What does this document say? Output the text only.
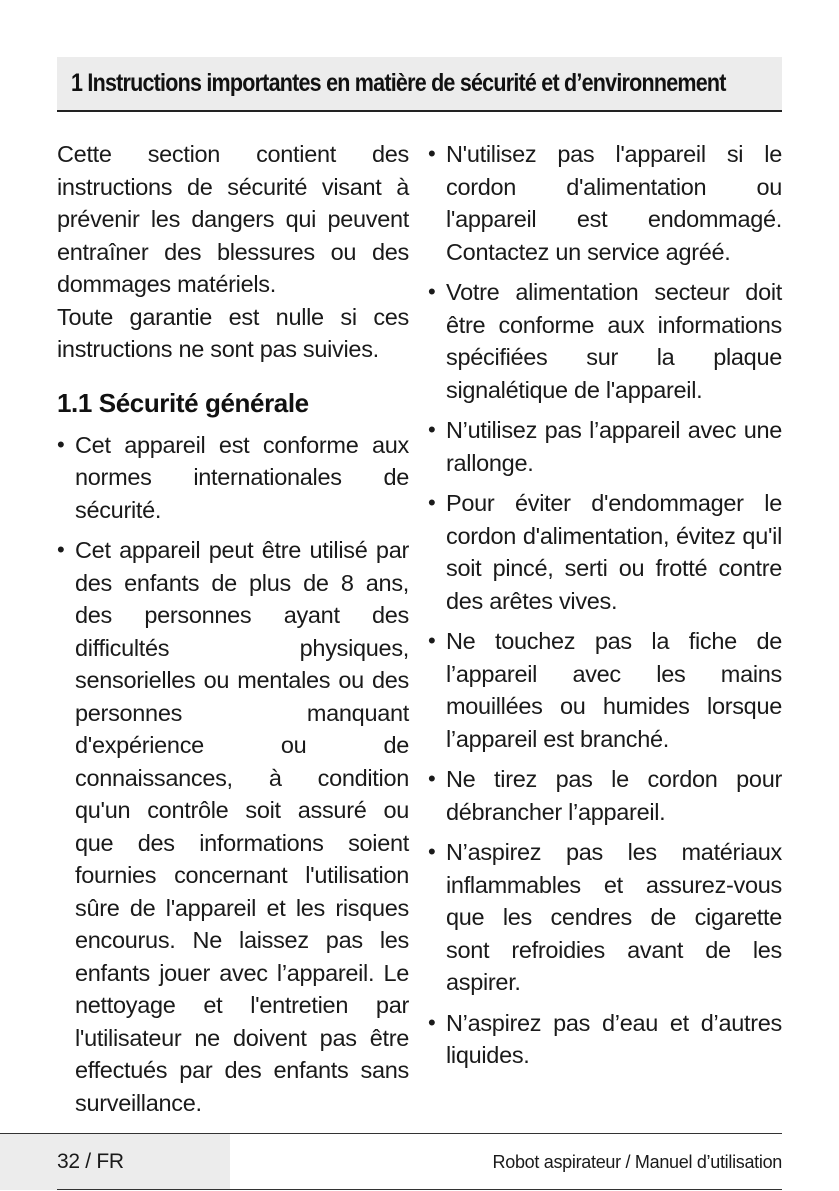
1 Instructions importantes en matière de sécurité et d’environnement

Cette section contient des instructions de sécurité visant à prévenir les dangers qui peuvent entraîner des blessures ou des dommages matériels.

Toute garantie est nulle si ces instructions ne sont pas suivies.

1.1 Sécurité générale
• Cet appareil est conforme aux normes internationales de sécurité.
• Cet appareil peut être utilisé par des enfants de plus de 8 ans, des personnes ayant des difficultés physiques, sensorielles ou mentales ou des personnes manquant d'expérience ou de connaissances, à condition qu'un contrôle soit assuré ou que des informations soient fournies concernant l'utilisation sûre de l'appareil et les risques encourus. Ne laissez pas les enfants jouer avec l’appareil. Le nettoyage et l'entretien par l'utilisateur ne doivent pas être effectués par des enfants sans surveillance.
• N'utilisez pas l'appareil si le cordon d'alimentation ou l'appareil est endommagé. Contactez un service agréé.
• Votre alimentation secteur doit être conforme aux informations spécifiées sur la plaque signalétique de l'appareil.
• N’utilisez pas l’appareil avec une rallonge.
• Pour éviter d'endommager le cordon d'alimentation, évitez qu'il soit pincé, serti ou frotté contre des arêtes vives.
• Ne touchez pas la fiche de l’appareil avec les mains mouillées ou humides lorsque l’appareil est branché.
• Ne tirez pas le cordon pour débrancher l’appareil.
• N’aspirez pas les matériaux inflammables et assurez-vous que les cendres de cigarette sont refroidies avant de les aspirer.
• N’aspirez pas d’eau et d’autres liquides.
32 / FR	Robot aspirateur / Manuel d’utilisation
